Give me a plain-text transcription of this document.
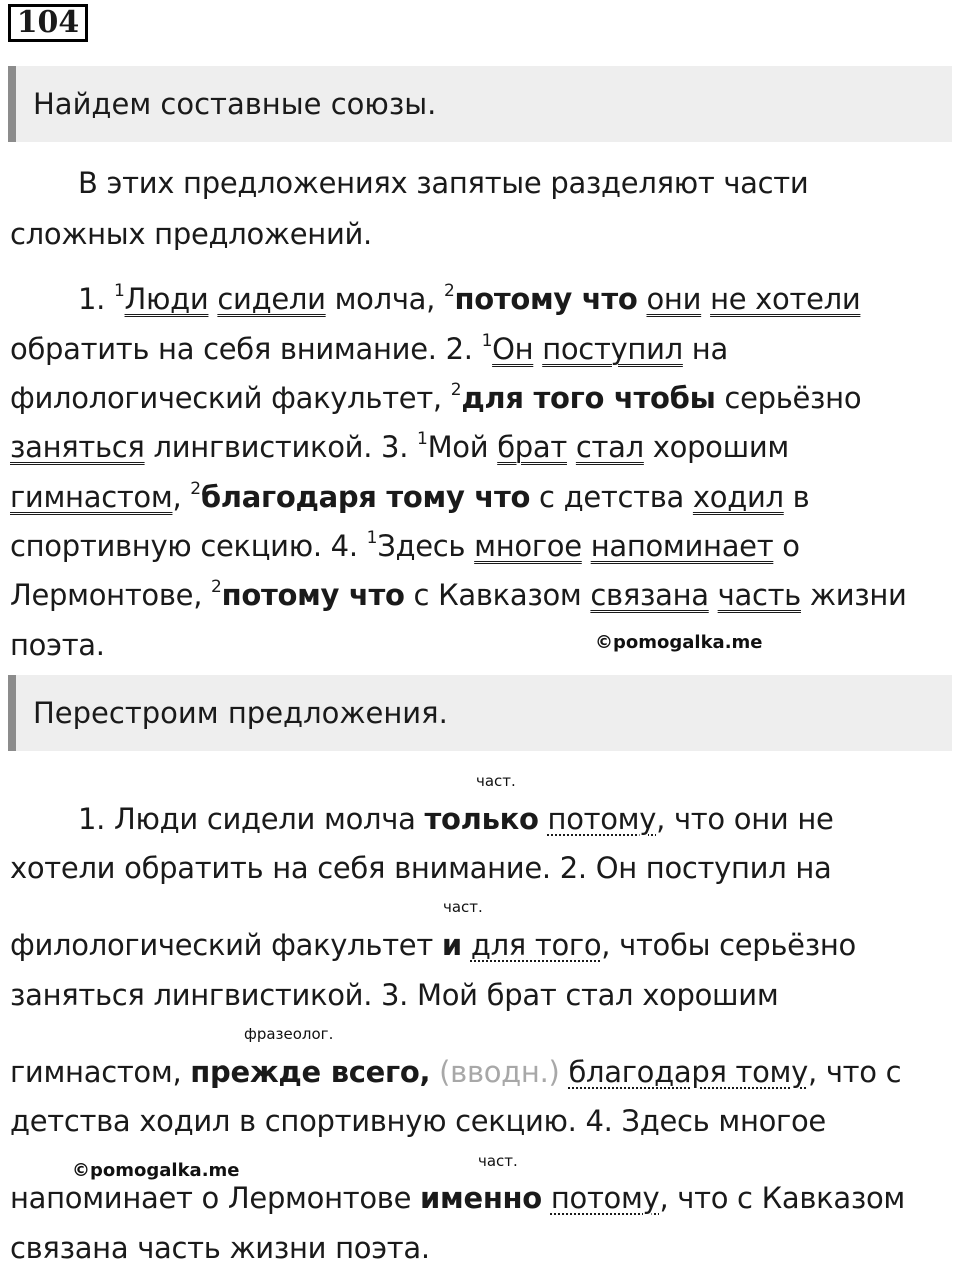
104
Найдем составные союзы.
В этих предложениях запятые разделяют части
сложных предложений.
1. $^1$Люди сидели молча, $^2$потому что они не хотели
обратить на себя внимание. 2. $^1$Он поступил на
филологический факультет, $^2$для того чтобы серьёзно
заняться лингвистикой. 3. $^1$Мой брат стал хорошим
гимнастом, $^2$благодаря тому что с детства ходил в
спортивную секцию. 4. $^1$Здесь многое напоминает о
Лермонтове, $^2$потому что с Кавказом связана часть жизни
поэта.	©pomogalka.me
Перестроим предложения.
част.
1. Люди сидели молча только потому, что они не
хотели обратить на себя внимание. 2. Он поступил на
част.
филологический факультет и для того, чтобы серьёзно
заняться лингвистикой. 3. Мой брат стал хорошим
фразеолог.
гимнастом, прежде всего, (вводн.) благодаря тому, что с
детства ходил в спортивную секцию. 4. Здесь многое
©pomogalka.me	част.
напоминает о Лермонтове именно потому, что с Кавказом
связана часть жизни поэта.
